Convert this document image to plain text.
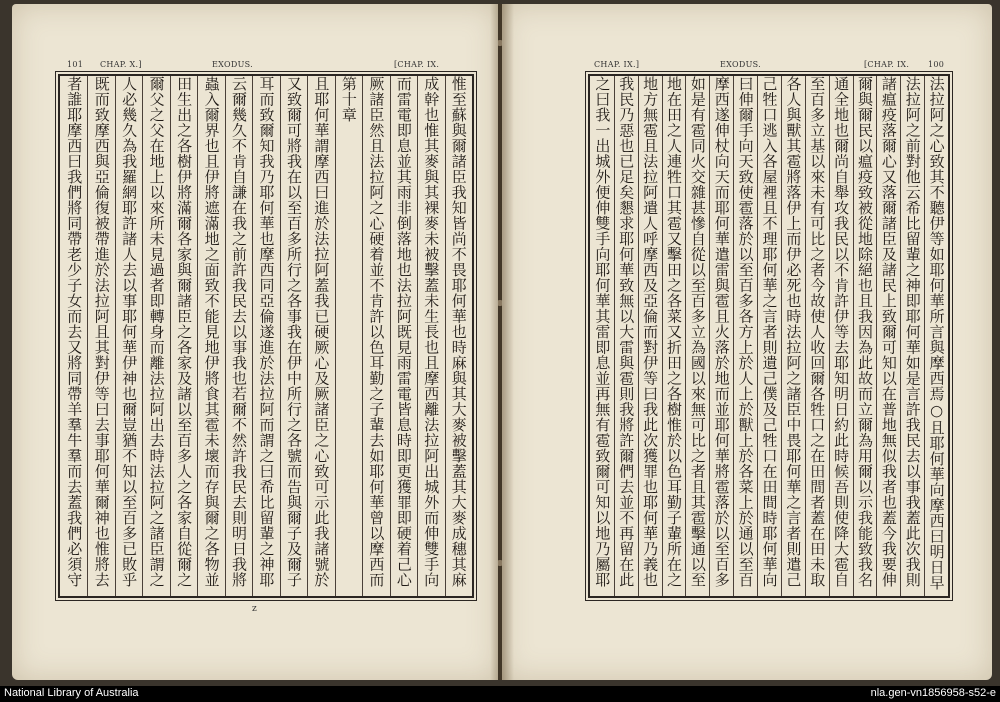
101 CHAP. X.]	EXODUS.	[CHAP. IX.
惟至蘇與爾諸臣我知皆尚不畏耶何華也時麻與其大麥被擊蓋其大麥成穗其麻
成幹也惟其麥與其裸麥未被擊蓋未生長也且摩西離法拉阿出城外而伸雙手向
而雷電即息並其雨非倒落地也法拉阿既見雨雷電皆息時即更獲罪即硬着己心
厥諸臣然且法拉阿之心硬着並不肯許以色耳勤之子輩去如耶何華曾以摩西而
第十章
且耶何華謂摩西曰進於法拉阿蓋我已硬厥心及厥諸臣之心致可示此我諸號於
又致爾可將我在以至百多所行之各事我在伊中所行之各號而告與爾子及爾子
耳而致爾知我乃耶何華也摩西同亞倫遂進於法拉阿而謂之曰希比留輩之神耶
云爾幾久不肯自謙在我之前許我民去以事我也若爾不然許我民去則明日我將
蟲入爾界也且伊將遮滿地之面致不能見地伊將食其雹未壞而存與爾之各物並
田生出之各樹伊將滿爾各家與爾諸臣之各家及諸以至百多人之各家自從爾之
爾父之父在地上以來所未見過者即轉身而離法拉阿出去時法拉阿之諸臣謂之
人必幾久為我羅網耶許諸人去以事耶何華伊神也爾豈猶不知以至百多已敗乎
既而致摩西與亞倫復被帶進於法拉阿且其對伊等曰去事耶何華爾神也惟將去
者誰耶摩西曰我們將同帶老少子女而去又將同帶羊羣牛羣而去蓋我們必須守
z
CHAP. IX.]	EXODUS.	[CHAP. IX. 100
法拉阿之心致其不聽伊等如耶何華所言與摩西焉○且耶何華向摩西曰明日早
法拉阿之前對他云希比留輩之神即耶何華如是言許我民去以事我蓋此次我則
諸瘟疫落爾心又落爾諸臣及諸民上致爾可知以在普地無似我者也蓋今我要伸
爾與爾民以瘟疫致被從地除絕也且我因為此故而立爾為用爾以示我能致我名
通全地也爾尚自舉攻我民以不肯許伊等去耶知明日約此時候吾則使降大雹自
至百多立基以來未有可比之者今故使人收回爾各牲口之在田間者蓋在田未取
各人與獸其雹將落伊上而伊必死也時法拉阿之諸臣中畏耶何華之言者則遣己
己牲口逃入各屋裡且不理耶何華之言者則遺己僕及己牲口在田間時耶何華向
曰伸爾手向天致使雹落於以至百多各方上於人上於獸上於各菜上於通以至百
摩西遂伸杖向天而耶何華遣雷與雹且火落於地而並耶何華將雹落於以至百多
如是有雹同火交雜甚慘自從以至百多立為國以來無可比之者且其雹擊通以至
地在田之人連牲口其雹又擊田之各菜又折田之各樹惟於以色耳勤子輩所在之
地方無雹且法拉阿遣人呼摩西及亞倫而對伊等曰我此次獲罪也耶何華乃義也
我民乃惡也已足矣懇求耶何華致無以大雷與雹則我將許爾們去並不再留在此
之曰我一出城外便伸雙手向耶何華其雷即息並再無有雹致爾可知以地乃屬耶
National Library of Australia	nla.gen-vn1856958-s52-e
